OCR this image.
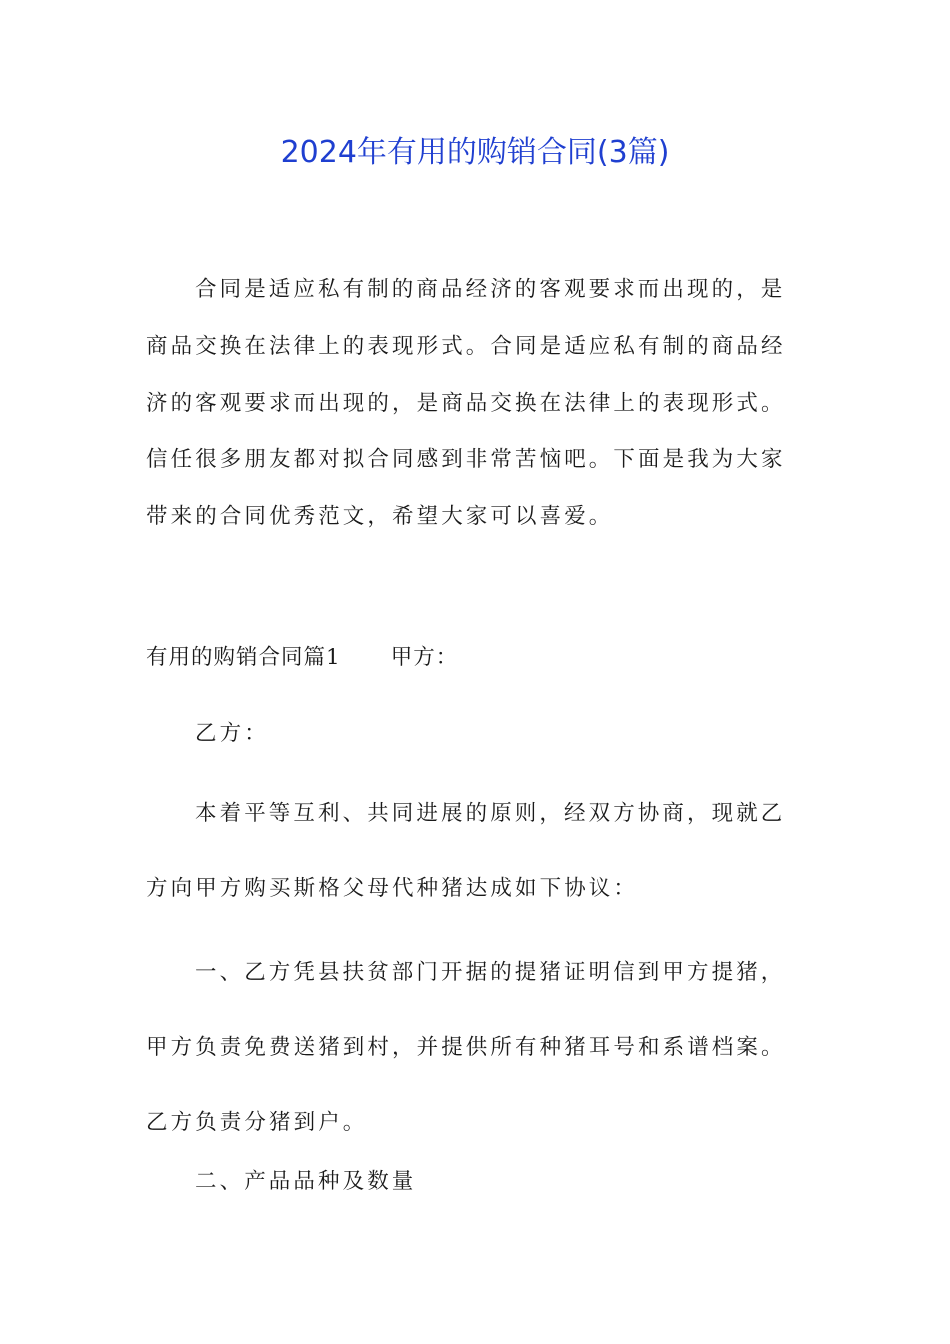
2024年有用的购销合同(3篇)
合同是适应私有制的商品经济的客观要求而出现的，是商品交换在法律上的表现形式。合同是适应私有制的商品经济的客观要求而出现的，是商品交换在法律上的表现形式。信任很多朋友都对拟合同感到非常苦恼吧。下面是我为大家带来的合同优秀范文，希望大家可以喜爱。
有用的购销合同篇1 甲方：
乙方：
本着平等互利、共同进展的原则，经双方协商，现就乙方向甲方购买斯格父母代种猪达成如下协议：
一、乙方凭县扶贫部门开据的提猪证明信到甲方提猪，甲方负责免费送猪到村，并提供所有种猪耳号和系谱档案。乙方负责分猪到户。
二、产品品种及数量
